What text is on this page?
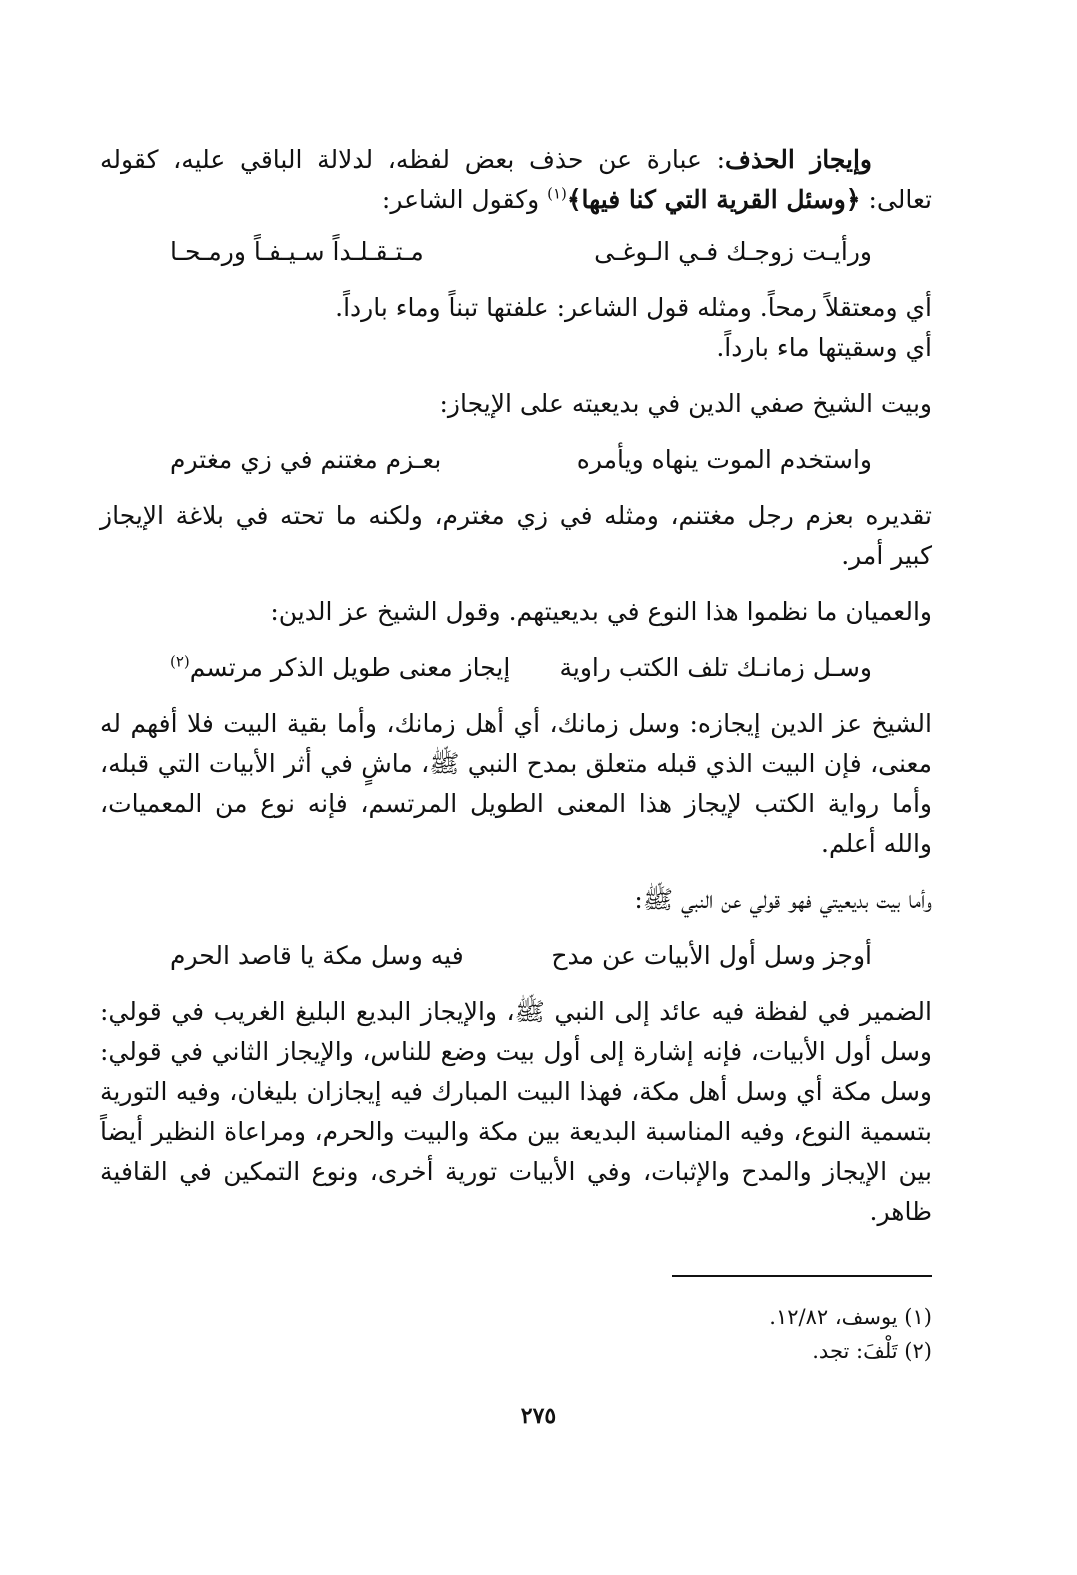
وإيجاز الحذف: عبارة عن حذف بعض لفظه، لدلالة الباقي عليه، كقوله تعالى: ﴿وسئل القرية التي كنا فيها﴾$^{(١)}$ وكقول الشاعر:

ورأيـت زوجـك فـي الـوغـى
مـتـقـلـداً سـيـفـاً ورمـحـا

أي ومعتقلاً رمحاً. ومثله قول الشاعر: علفتها تبناً وماء بارداً.

أي وسقيتها ماء بارداً.

وبيت الشيخ صفي الدين في بديعيته على الإيجاز:

واستخدم الموت ينهاه ويأمره
بعـزم مغتنم في زي مغترم

تقديره بعزم رجل مغتنم، ومثله في زي مغترم، ولكنه ما تحته في بلاغة الإيجاز كبير أمر.

والعميان ما نظموا هذا النوع في بديعيتهم. وقول الشيخ عز الدين:

وسـل زمانـك تلف الكتب راوية
إيجاز معنى طويل الذكر مرتسم$^{(٢)}$

الشيخ عز الدين إيجازه: وسل زمانك، أي أهل زمانك، وأما بقية البيت فلا أفهم له معنى، فإن البيت الذي قبله متعلق بمدح النبي ﷺ، ماشٍ في أثر الأبيات التي قبله، وأما رواية الكتب لإيجاز هذا المعنى الطويل المرتسم، فإنه نوع من المعميات، والله أعلم.

وأما بيت بديعيتي فهو قولي عن النبي ﷺ:

أوجز وسل أول الأبيات عن مدح
فيه وسل مكة يا قاصد الحرم

الضمير في لفظة فيه عائد إلى النبي ﷺ، والإيجاز البديع البليغ الغريب في قولي: وسل أول الأبيات، فإنه إشارة إلى أول بيت وضع للناس، والإيجاز الثاني في قولي: وسل مكة أي وسل أهل مكة، فهذا البيت المبارك فيه إيجازان بليغان، وفيه التورية بتسمية النوع، وفيه المناسبة البديعة بين مكة والبيت والحرم، ومراعاة النظير أيضاً بين الإيجاز والمدح والإثبات، وفي الأبيات تورية أخرى، ونوع التمكين في القافية ظاهر.

(١) يوسف، ١٢/٨٢.

(٢) تَلْفَ: تجد.

٢٧٥
